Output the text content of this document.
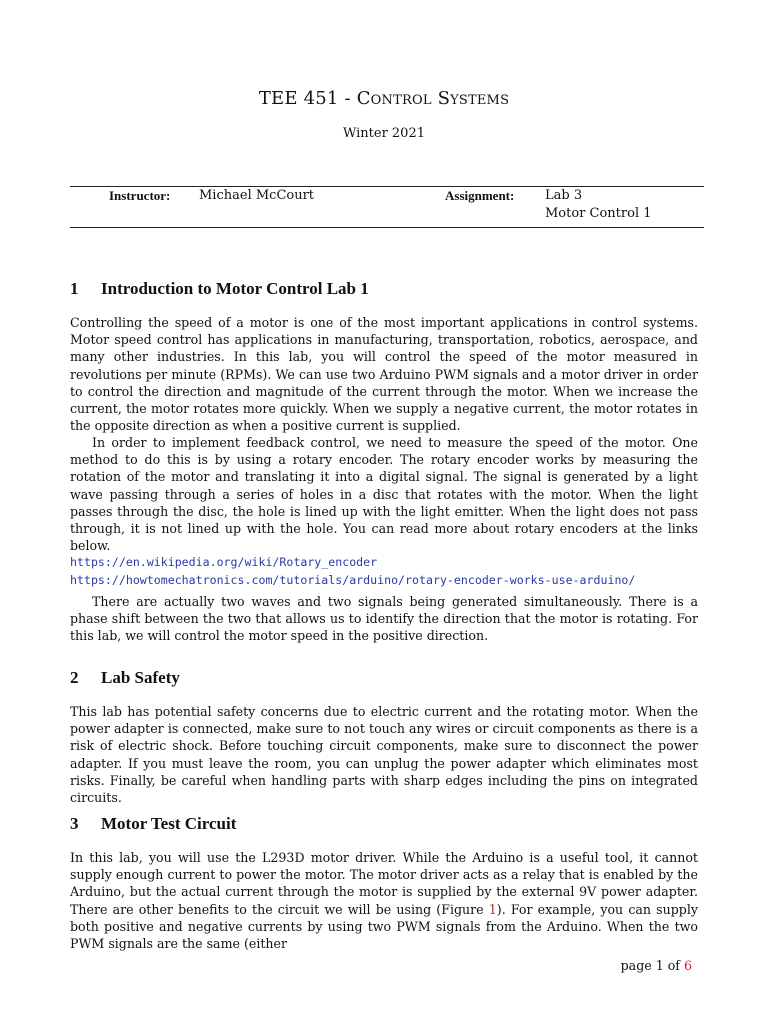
TEE 451 - Control Systems
Winter 2021
Instructor: Michael McCourt	Assignment: Lab 3
Motor Control 1
1 Introduction to Motor Control Lab 1
Controlling the speed of a motor is one of the most important applications in control systems. Motor speed control has applications in manufacturing, transportation, robotics, aerospace, and many other industries. In this lab, you will control the speed of the motor measured in revolutions per minute (RPMs). We can use two Arduino PWM signals and a motor driver in order to control the direction and magnitude of the current through the motor. When we increase the current, the motor rotates more quickly. When we supply a negative current, the motor rotates in the opposite direction as when a positive current is supplied.
In order to implement feedback control, we need to measure the speed of the motor. One method to do this is by using a rotary encoder. The rotary encoder works by measuring the rotation of the motor and translating it into a digital signal. The signal is generated by a light wave passing through a series of holes in a disc that rotates with the motor. When the light passes through the disc, the hole is lined up with the light emitter. When the light does not pass through, it is not lined up with the hole. You can read more about rotary encoders at the links below.
https://en.wikipedia.org/wiki/Rotary_encoder
https://howtomechatronics.com/tutorials/arduino/rotary-encoder-works-use-arduino/
There are actually two waves and two signals being generated simultaneously. There is a phase shift between the two that allows us to identify the direction that the motor is rotating. For this lab, we will control the motor speed in the positive direction.
2 Lab Safety
This lab has potential safety concerns due to electric current and the rotating motor. When the power adapter is connected, make sure to not touch any wires or circuit components as there is a risk of electric shock. Before touching circuit components, make sure to disconnect the power adapter. If you must leave the room, you can unplug the power adapter which eliminates most risks. Finally, be careful when handling parts with sharp edges including the pins on integrated circuits.
3 Motor Test Circuit
In this lab, you will use the L293D motor driver. While the Arduino is a useful tool, it cannot supply enough current to power the motor. The motor driver acts as a relay that is enabled by the Arduino, but the actual current through the motor is supplied by the external 9V power adapter. There are other benefits to the circuit we will be using (Figure 1). For example, you can supply both positive and negative currents by using two PWM signals from the Arduino. When the two PWM signals are the same (either
page 1 of 6
